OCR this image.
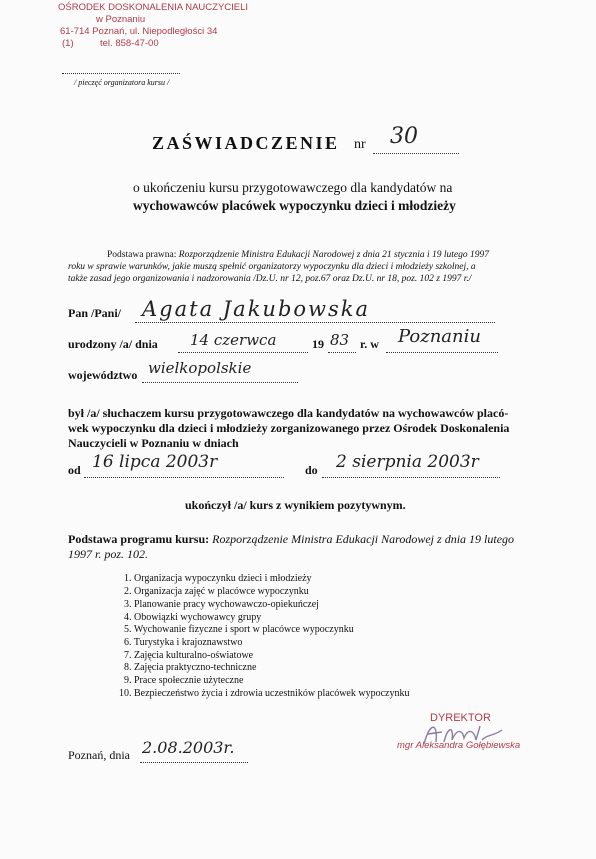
OŚRODEK DOSKONALENIA NAUCZYCIELI
w Poznaniu
61-714 Poznań, ul. Niepodległości 34
(1)          tel. 858-47-00
/ pieczęć organizatora kursu /
ZAŚWIADCZENIE nr 30
o ukończeniu kursu przygotowawczego dla kandydatów na
wychowawców placówek wypoczynku dzieci i młodzieży
Podstawa prawna: Rozporządzenie Ministra Edukacji Narodowej z dnia 21 stycznia i 19 lutego 1997
roku w sprawie warunków, jakie muszą spełnić organizatorzy wypoczynku dla dzieci i młodzieży szkolnej, a
także zasad jego organizowania i nadzorowania /Dz.U. nr 12, poz.67 oraz Dz.U. nr 18, poz. 102 z 1997 r./
Pan /Pani/ Agata Jakubowska
urodzony /a/ dnia 14 czerwca	19 83 r. w Poznaniu
województwo wielkopolskie
był /a/ słuchaczem kursu przygotowawczego dla kandydatów na wychowawców placó-
wek wypoczynku dla dzieci i młodzieży zorganizowanego przez Ośrodek Doskonalenia
Nauczycieli w Poznaniu w dniach
od 16 lipca 2003r	do 2 sierpnia 2003r
ukończył /a/ kurs z wynikiem pozytywnym.
Podstawa programu kursu: Rozporządzenie Ministra Edukacji Narodowej z dnia 19 lutego
1997 r. poz. 102.
1. Organizacja wypoczynku dzieci i młodzieży
2. Organizacja zajęć w placówce wypoczynku
3. Planowanie pracy wychowawczo-opiekuńczej
4. Obowiązki wychowawcy grupy
5. Wychowanie fizyczne i sport w placówce wypoczynku
6. Turystyka i krajoznawstwo
7. Zajęcia kulturalno-oświatowe
8. Zajęcia praktyczno-techniczne
9. Prace społecznie użyteczne
10. Bezpieczeństwo życia i zdrowia uczestników placówek wypoczynku
Poznań, dnia 2.08.2003r.
DYREKTOR
mgr Aleksandra Gołębiewska
